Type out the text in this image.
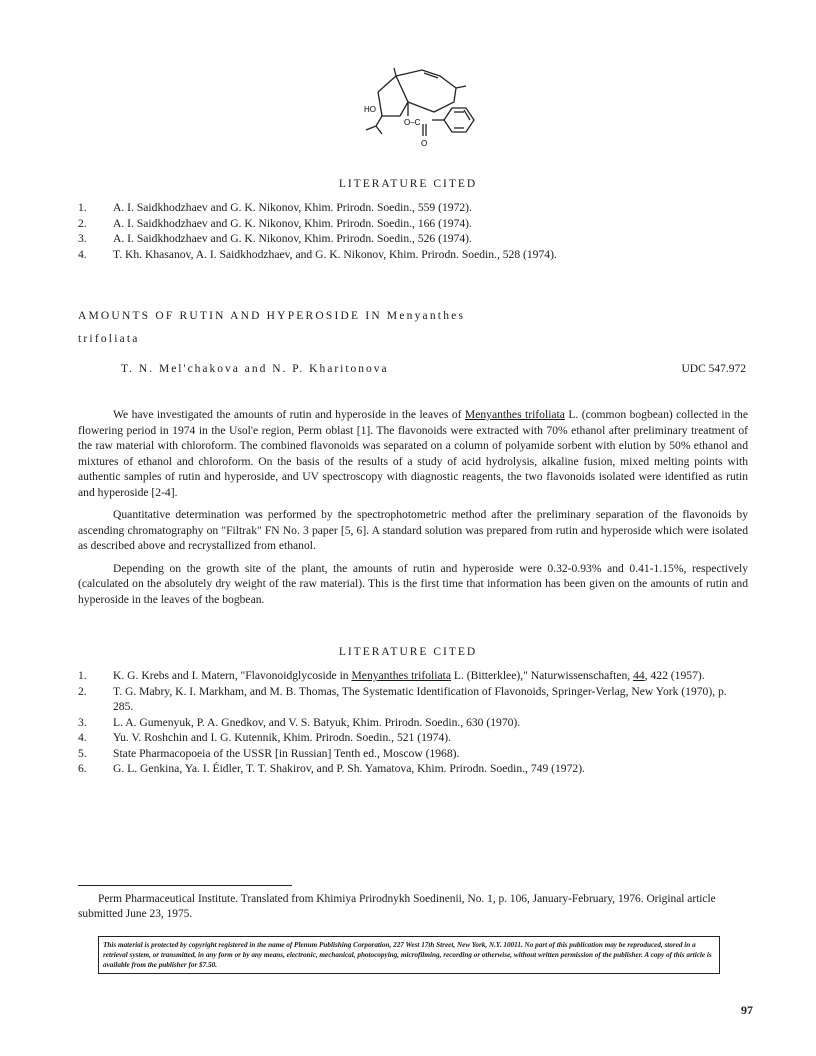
HO
O–C
O
LITERATURE CITED
1.	A. I. Saidkhodzhaev and G. K. Nikonov, Khim. Prirodn. Soedin., 559 (1972).
2.	A. I. Saidkhodzhaev and G. K. Nikonov, Khim. Prirodn. Soedin., 166 (1974).
3.	A. I. Saidkhodzhaev and G. K. Nikonov, Khim. Prirodn. Soedin., 526 (1974).
4.	T. Kh. Khasanov, A. I. Saidkhodzhaev, and G. K. Nikonov, Khim. Prirodn. Soedin., 528 (1974).
AMOUNTS OF RUTIN AND HYPEROSIDE IN Menyanthes
trifoliata
T. N. Mel'chakova and N. P. Kharitonova	UDC 547.972

We have investigated the amounts of rutin and hyperoside in the leaves of Menyanthes trifoliata L. (common bogbean) collected in the flowering period in 1974 in the Usol'e region, Perm oblast [1]. The flavonoids were extracted with 70% ethanol after preliminary treatment of the raw material with chloroform. The combined flavonoids was separated on a column of polyamide sorbent with elution by 50% ethanol and mixtures of ethanol and chloroform. On the basis of the results of a study of acid hydrolysis, alkaline fusion, mixed melting points with authentic samples of rutin and hyperoside, and UV spectroscopy with diagnostic reagents, the two flavonoids isolated were identified as rutin and hyperoside [2-4].

Quantitative determination was performed by the spectrophotometric method after the preliminary separation of the flavonoids by ascending chromatography on "Filtrak" FN No. 3 paper [5, 6]. A standard solution was prepared from rutin and hyperoside which were isolated as described above and recrystallized from ethanol.

Depending on the growth site of the plant, the amounts of rutin and hyperoside were 0.32-0.93% and 0.41-1.15%, respectively (calculated on the absolutely dry weight of the raw material). This is the first time that information has been given on the amounts of rutin and hyperoside in the leaves of the bogbean.

LITERATURE CITED
1.	K. G. Krebs and I. Matern, "Flavonoidglycoside in Menyanthes trifoliata L. (Bitterklee)," Naturwissenschaften, 44, 422 (1957).
2.	T. G. Mabry, K. I. Markham, and M. B. Thomas, The Systematic Identification of Flavonoids, Springer-Verlag, New York (1970), p. 285.
3.	L. A. Gumenyuk, P. A. Gnedkov, and V. S. Batyuk, Khim. Prirodn. Soedin., 630 (1970).
4.	Yu. V. Roshchin and I. G. Kutennik, Khim. Prirodn. Soedin., 521 (1974).
5.	State Pharmacopoeia of the USSR [in Russian] Tenth ed., Moscow (1968).
6.	G. L. Genkina, Ya. I. Éidler, T. T. Shakirov, and P. Sh. Yamatova, Khim. Prirodn. Soedin., 749 (1972).
Perm Pharmaceutical Institute. Translated from Khimiya Prirodnykh Soedinenii, No. 1, p. 106, January-February, 1976. Original article submitted June 23, 1975.
This material is protected by copyright registered in the name of Plenum Publishing Corporation, 227 West 17th Street, New York, N.Y. 10011. No part of this publication may be reproduced, stored in a retrieval system, or transmitted, in any form or by any means, electronic, mechanical, photocopying, microfilming, recording or otherwise, without written permission of the publisher. A copy of this article is available from the publisher for $7.50.
97
